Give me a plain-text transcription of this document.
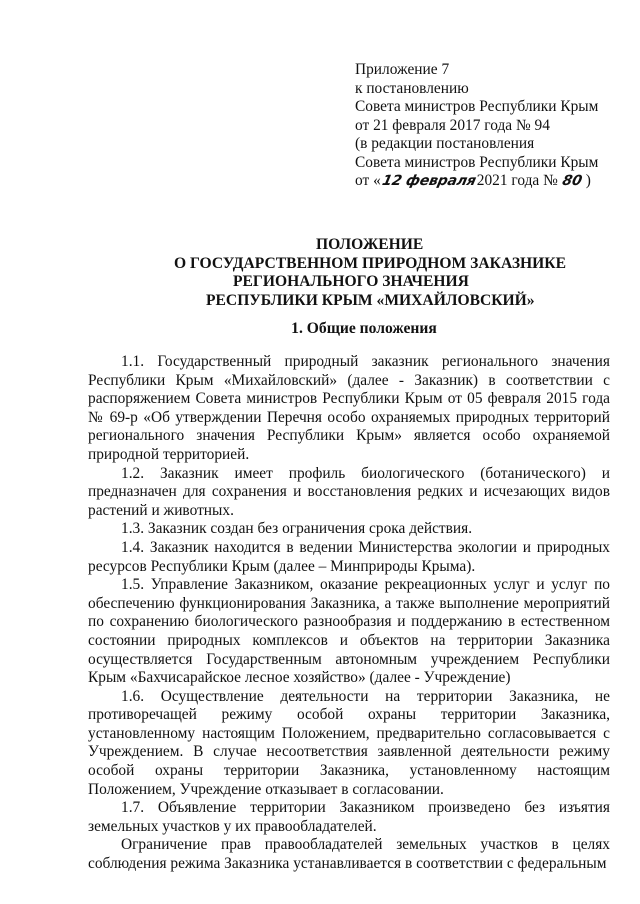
Приложение 7
к постановлению
Совета министров Республики Крым
от 21 февраля 2017 года № 94
(в редакции постановления
Совета министров Республики Крым
от «12 февраля2021 года № 80 )
ПОЛОЖЕНИЕ
О ГОСУДАРСТВЕННОМ ПРИРОДНОМ ЗАКАЗНИКЕ
РЕГИОНАЛЬНОГО ЗНАЧЕНИЯ
РЕСПУБЛИКИ КРЫМ «МИХАЙЛОВСКИЙ»
1. Общие положения

1.1. Государственный природный заказник регионального значения Республики Крым «Михайловский» (далее - Заказник) в соответствии с распоряжением Совета министров Республики Крым от 05 февраля 2015 года № 69-р «Об утверждении Перечня особо охраняемых природных территорий регионального значения Республики Крым» является особо охраняемой природной территорией.

1.2. Заказник имеет профиль биологического (ботанического) и предназначен для сохранения и восстановления редких и исчезающих видов растений и животных.

1.3. Заказник создан без ограничения срока действия.

1.4. Заказник находится в ведении Министерства экологии и природных ресурсов Республики Крым (далее – Минприроды Крыма).

1.5. Управление Заказником, оказание рекреационных услуг и услуг по обеспечению функционирования Заказника, а также выполнение мероприятий по сохранению биологического разнообразия и поддержанию в естественном состоянии природных комплексов и объектов на территории Заказника осуществляется Государственным автономным учреждением Республики Крым «Бахчисарайское лесное хозяйство» (далее - Учреждение)

1.6. Осуществление деятельности на территории Заказника, не противоречащей режиму особой охраны территории Заказника, установленному настоящим Положением, предварительно согласовывается с Учреждением. В случае несоответствия заявленной деятельности режиму особой охраны территории Заказника, установленному настоящим Положением, Учреждение отказывает в согласовании.

1.7. Объявление территории Заказником произведено без изъятия земельных участков у их правообладателей.

Ограничение прав правообладателей земельных участков в целях соблюдения режима Заказника устанавливается в соответствии с федеральным
